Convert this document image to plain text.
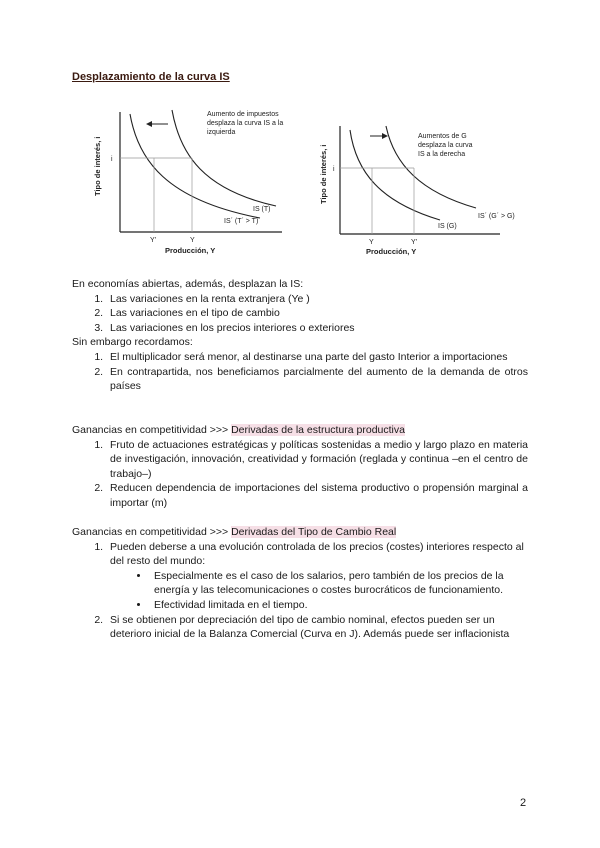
Desplazamiento de la curva IS
Aumento de impuestos
desplaza la curva IS a la
izquierda
IS (T)
IS´ (T´ > T)
i
Y'	Y
Producción, Y
Tipo de interés, i
Aumentos de G
desplaza la curva
IS a la derecha
IS´ (G´ > G)
IS (G)
i
Y	Y'
Producción, Y
Tipo de interés, i

En economías abiertas, además, desplazan la IS:

1. Las variaciones en la renta extranjera (Ye )
2. Las variaciones en el tipo de cambio
3. Las variaciones en los precios interiores o exteriores

Sin embargo recordamos:

1. El multiplicador será menor, al destinarse una parte del gasto Interior a importaciones
2. En contrapartida, nos beneficiamos parcialmente del aumento de la demanda de otros países

Ganancias en competitividad >>> Derivadas de la estructura productiva

1. Fruto de actuaciones estratégicas y políticas sostenidas a medio y largo plazo en materia de investigación, innovación, creatividad y formación (reglada y continua –en el centro de trabajo–)
2. Reducen dependencia de importaciones del sistema productivo o propensión marginal a importar (m)

Ganancias en competitividad >>> Derivadas del Tipo de Cambio Real

1. Pueden deberse a una evolución controlada de los precios (costes) interiores respecto al del resto del mundo:
• Especialmente es el caso de los salarios, pero también de los precios de la energía y las telecomunicaciones o costes burocráticos de funcionamiento.
• Efectividad limitada en el tiempo.
2. Si se obtienen por depreciación del tipo de cambio nominal, efectos pueden ser un deterioro inicial de la Balanza Comercial (Curva en J). Además puede ser inflacionista
2
